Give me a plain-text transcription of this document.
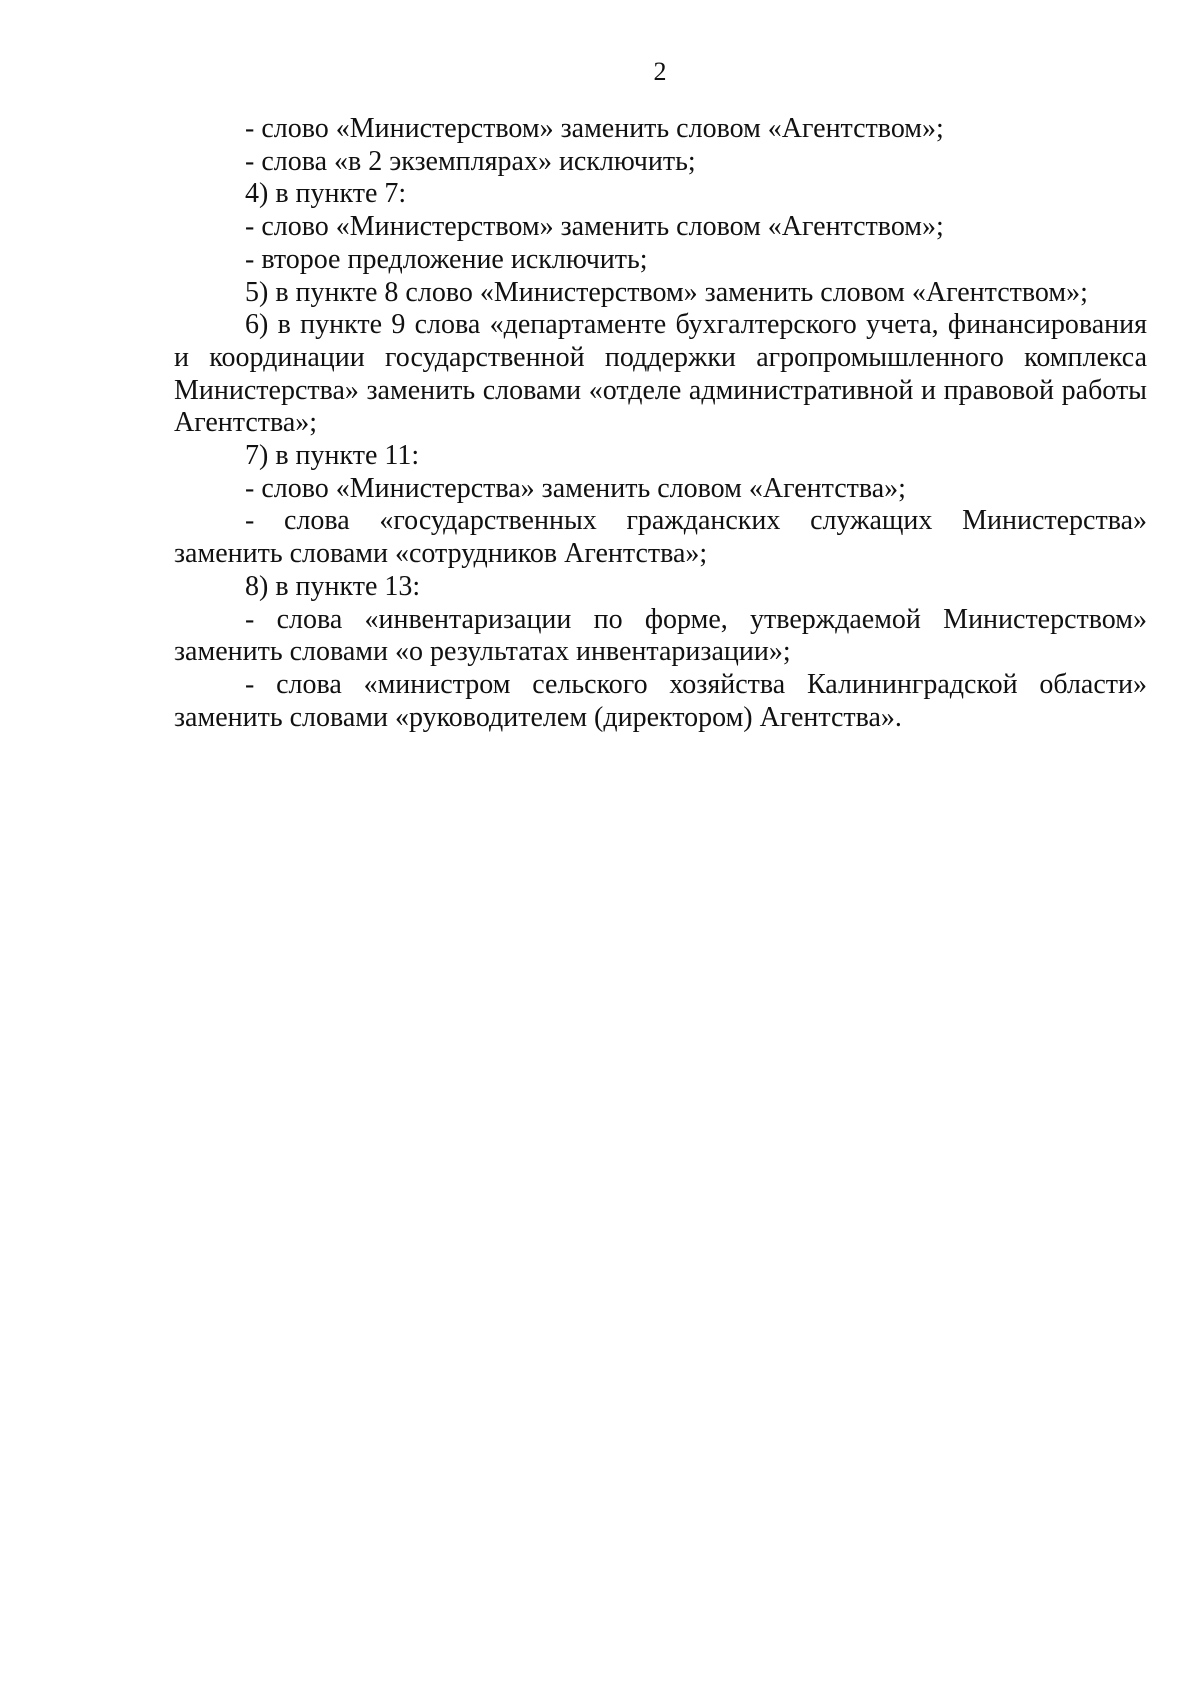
2

- слово «Министерством» заменить словом «Агентством»;

- слова «в 2 экземплярах» исключить;

4) в пункте 7:

- слово «Министерством» заменить словом «Агентством»;

- второе предложение исключить;

5) в пункте 8 слово «Министерством» заменить словом «Агентством»;

6) в пункте 9 слова «департаменте бухгалтерского учета, финансирования и координации государственной поддержки агропромышленного комплекса Министерства» заменить словами «отделе административной и правовой работы Агентства»;

7) в пункте 11:

- слово «Министерства» заменить словом «Агентства»;

- слова «государственных гражданских служащих Министерства» заменить словами «сотрудников Агентства»;

8) в пункте 13:

- слова «инвентаризации по форме, утверждаемой Министерством» заменить словами «о результатах инвентаризации»;

- слова «министром сельского хозяйства Калининградской области» заменить словами «руководителем (директором) Агентства».
